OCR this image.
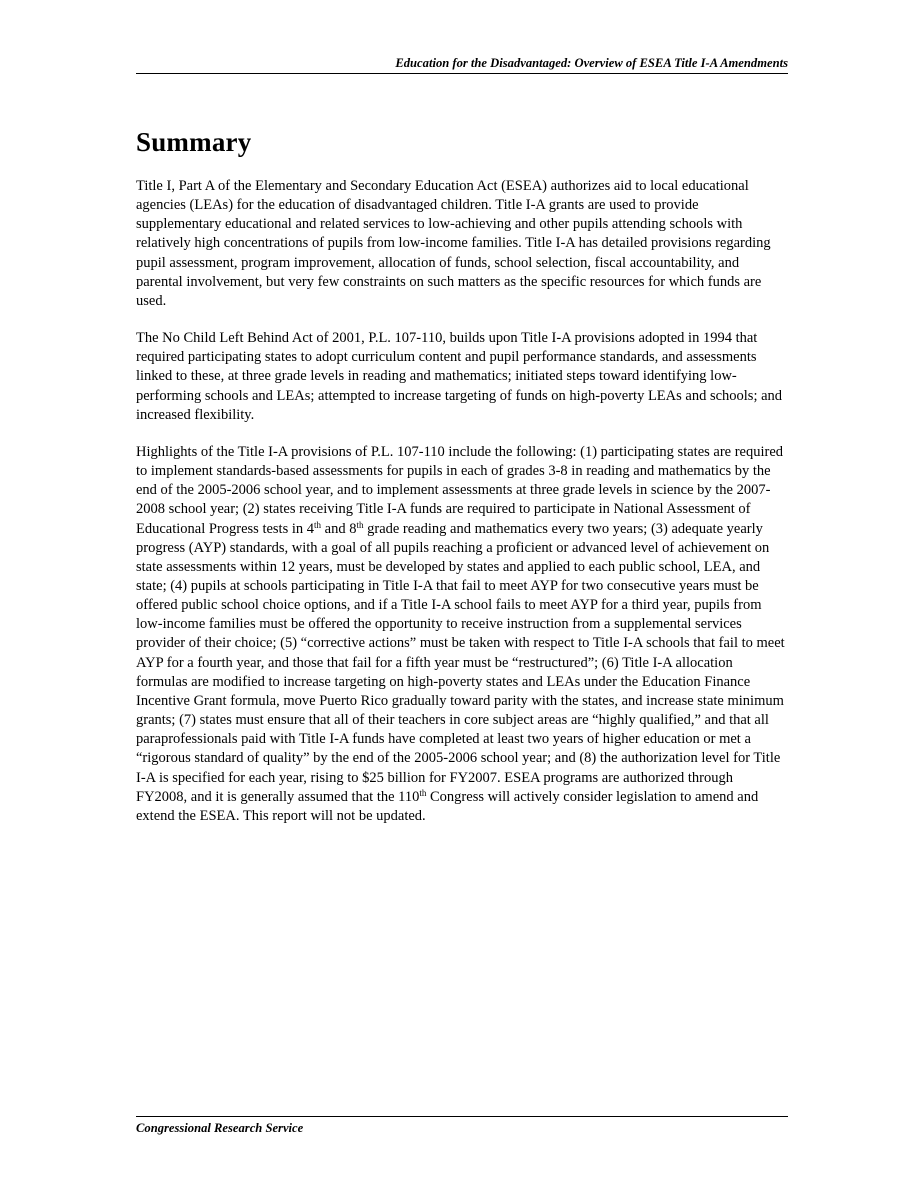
Education for the Disadvantaged: Overview of ESEA Title I-A Amendments
Summary

Title I, Part A of the Elementary and Secondary Education Act (ESEA) authorizes aid to local educational agencies (LEAs) for the education of disadvantaged children. Title I-A grants are used to provide supplementary educational and related services to low-achieving and other pupils attending schools with relatively high concentrations of pupils from low-income families. Title I-A has detailed provisions regarding pupil assessment, program improvement, allocation of funds, school selection, fiscal accountability, and parental involvement, but very few constraints on such matters as the specific resources for which funds are used.

The No Child Left Behind Act of 2001, P.L. 107-110, builds upon Title I-A provisions adopted in 1994 that required participating states to adopt curriculum content and pupil performance standards, and assessments linked to these, at three grade levels in reading and mathematics; initiated steps toward identifying low-performing schools and LEAs; attempted to increase targeting of funds on high-poverty LEAs and schools; and increased flexibility.

Highlights of the Title I-A provisions of P.L. 107-110 include the following: (1) participating states are required to implement standards-based assessments for pupils in each of grades 3-8 in reading and mathematics by the end of the 2005-2006 school year, and to implement assessments at three grade levels in science by the 2007-2008 school year; (2) states receiving Title I-A funds are required to participate in National Assessment of Educational Progress tests in 4th and 8th grade reading and mathematics every two years; (3) adequate yearly progress (AYP) standards, with a goal of all pupils reaching a proficient or advanced level of achievement on state assessments within 12 years, must be developed by states and applied to each public school, LEA, and state; (4) pupils at schools participating in Title I-A that fail to meet AYP for two consecutive years must be offered public school choice options, and if a Title I-A school fails to meet AYP for a third year, pupils from low-income families must be offered the opportunity to receive instruction from a supplemental services provider of their choice; (5) “corrective actions” must be taken with respect to Title I-A schools that fail to meet AYP for a fourth year, and those that fail for a fifth year must be “restructured”; (6) Title I-A allocation formulas are modified to increase targeting on high-poverty states and LEAs under the Education Finance Incentive Grant formula, move Puerto Rico gradually toward parity with the states, and increase state minimum grants; (7) states must ensure that all of their teachers in core subject areas are “highly qualified,” and that all paraprofessionals paid with Title I-A funds have completed at least two years of higher education or met a “rigorous standard of quality” by the end of the 2005-2006 school year; and (8) the authorization level for Title I-A is specified for each year, rising to $25 billion for FY2007. ESEA programs are authorized through FY2008, and it is generally assumed that the 110th Congress will actively consider legislation to amend and extend the ESEA. This report will not be updated.

Congressional Research Service
